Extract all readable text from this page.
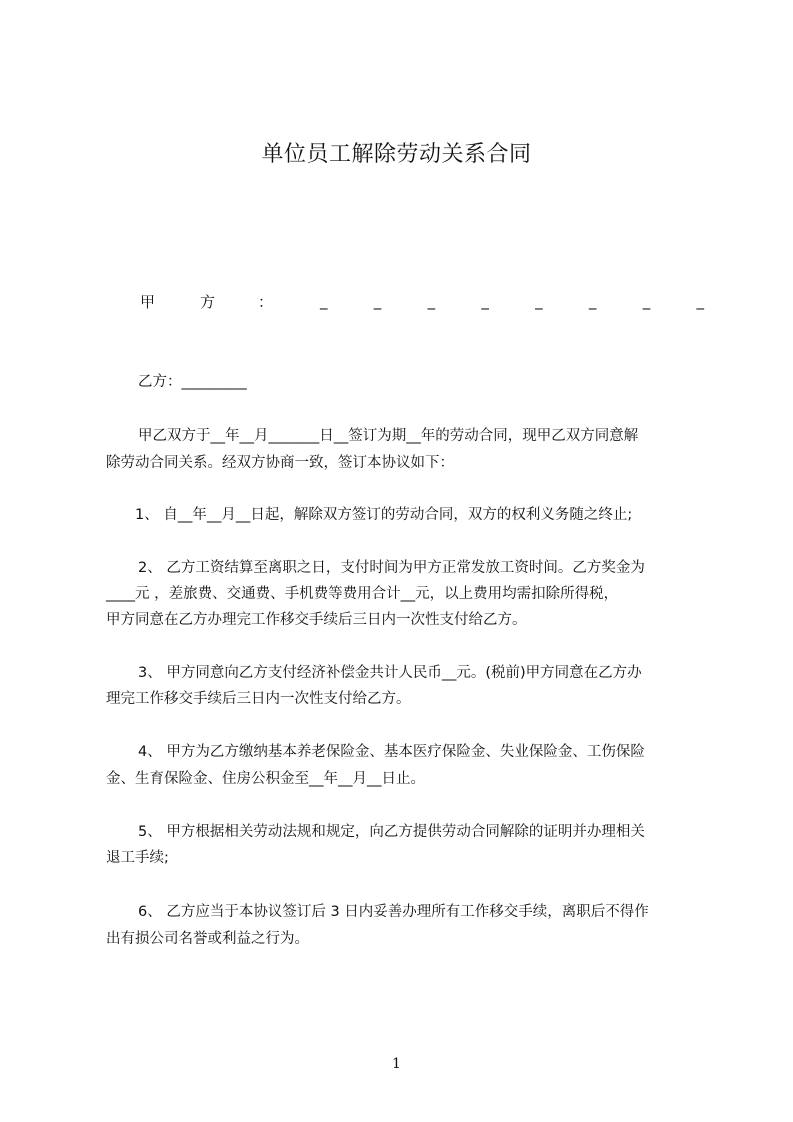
单位员工解除劳动关系合同
甲	方	：	_	_	_	_	_	_	_	_
乙方：_________
甲乙双方于__年__月_______日__签订为期__年的劳动合同，现甲乙双方同意解
除劳动合同关系。经双方协商一致，签订本协议如下：
1、 自__年__月__日起，解除双方签订的劳动合同，双方的权利义务随之终止;
2、 乙方工资结算至离职之日，支付时间为甲方正常发放工资时间。乙方奖金为
____元 ，差旅费、交通费、手机费等费用合计__元，以上费用均需扣除所得税，
甲方同意在乙方办理完工作移交手续后三日内一次性支付给乙方。
3、 甲方同意向乙方支付经济补偿金共计人民币__元。(税前)甲方同意在乙方办
理完工作移交手续后三日内一次性支付给乙方。
4、 甲方为乙方缴纳基本养老保险金、基本医疗保险金、失业保险金、工伤保险
金、生育保险金、住房公积金至__年__月__日止。
5、 甲方根据相关劳动法规和规定，向乙方提供劳动合同解除的证明并办理相关
退工手续;
6、 乙方应当于本协议签订后 3 日内妥善办理所有工作移交手续，离职后不得作
出有损公司名誉或利益之行为。
1
